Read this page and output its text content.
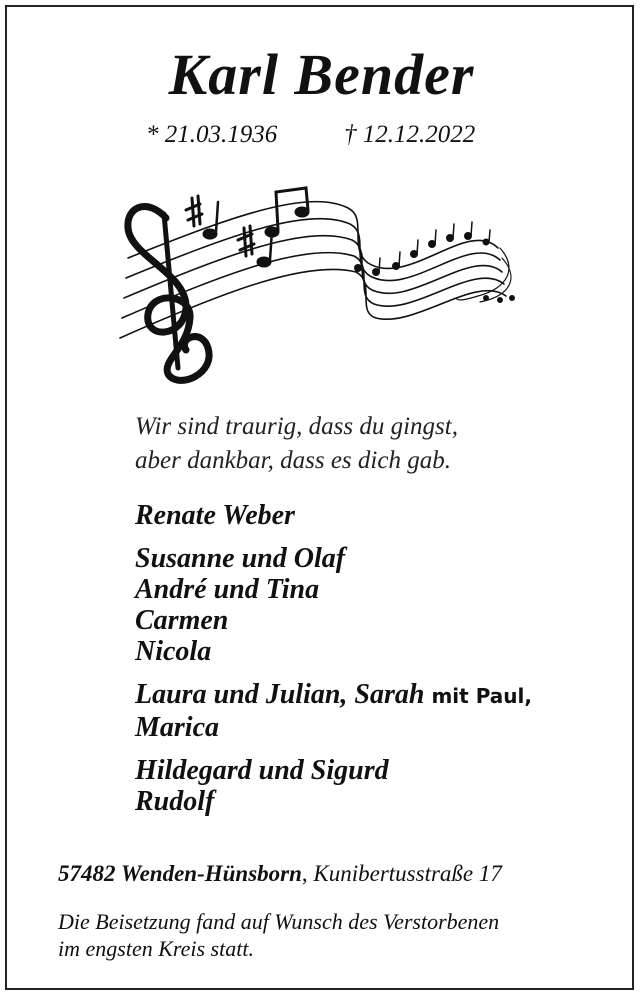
Karl Bender
* 21.03.1936	† 12.12.2022
Wir sind traurig, dass du gingst,
aber dankbar, dass es dich gab.
Renate Weber
Susanne und Olaf
André und Tina
Carmen
Nicola
Laura und Julian, Sarah mit Paul,
Marica
Hildegard und Sigurd
Rudolf
57482 Wenden-Hünsborn, Kunibertusstraße 17
Die Beisetzung fand auf Wunsch des Verstorbenen
im engsten Kreis statt.
